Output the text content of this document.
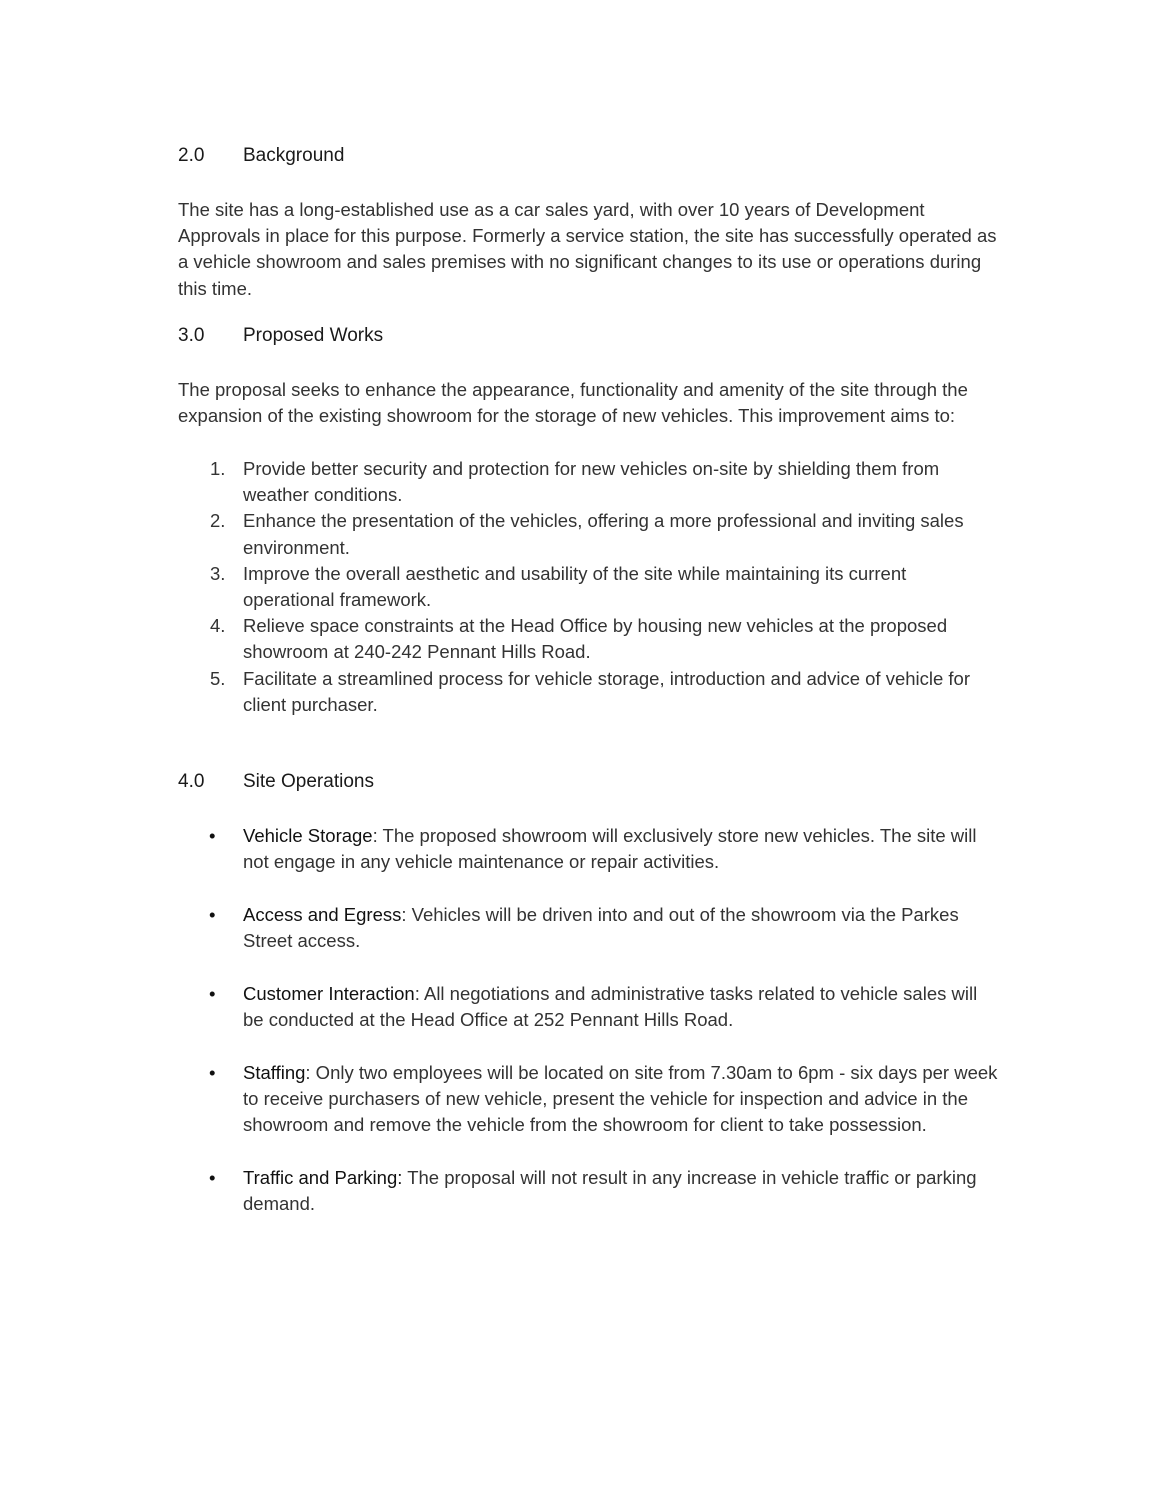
2.0 Background

The site has a long-established use as a car sales yard, with over 10 years of Development Approvals in place for this purpose. Formerly a service station, the site has successfully operated as a vehicle showroom and sales premises with no significant changes to its use or operations during this time.

3.0 Proposed Works

The proposal seeks to enhance the appearance, functionality and amenity of the site through the expansion of the existing showroom for the storage of new vehicles. This improvement aims to:

1. Provide better security and protection for new vehicles on-site by shielding them from weather conditions.
2. Enhance the presentation of the vehicles, offering a more professional and inviting sales environment.
3. Improve the overall aesthetic and usability of the site while maintaining its current operational framework.
4. Relieve space constraints at the Head Office by housing new vehicles at the proposed showroom at 240-242 Pennant Hills Road.
5. Facilitate a streamlined process for vehicle storage, introduction and advice of vehicle for client purchaser.
4.0 Site Operations
• Vehicle Storage: The proposed showroom will exclusively store new vehicles. The site will not engage in any vehicle maintenance or repair activities.
• Access and Egress: Vehicles will be driven into and out of the showroom via the Parkes Street access.
• Customer Interaction: All negotiations and administrative tasks related to vehicle sales will be conducted at the Head Office at 252 Pennant Hills Road.
• Staffing: Only two employees will be located on site from 7.30am to 6pm - six days per week to receive purchasers of new vehicle, present the vehicle for inspection and advice in the showroom and remove the vehicle from the showroom for client to take possession.
• Traffic and Parking: The proposal will not result in any increase in vehicle traffic or parking demand.
